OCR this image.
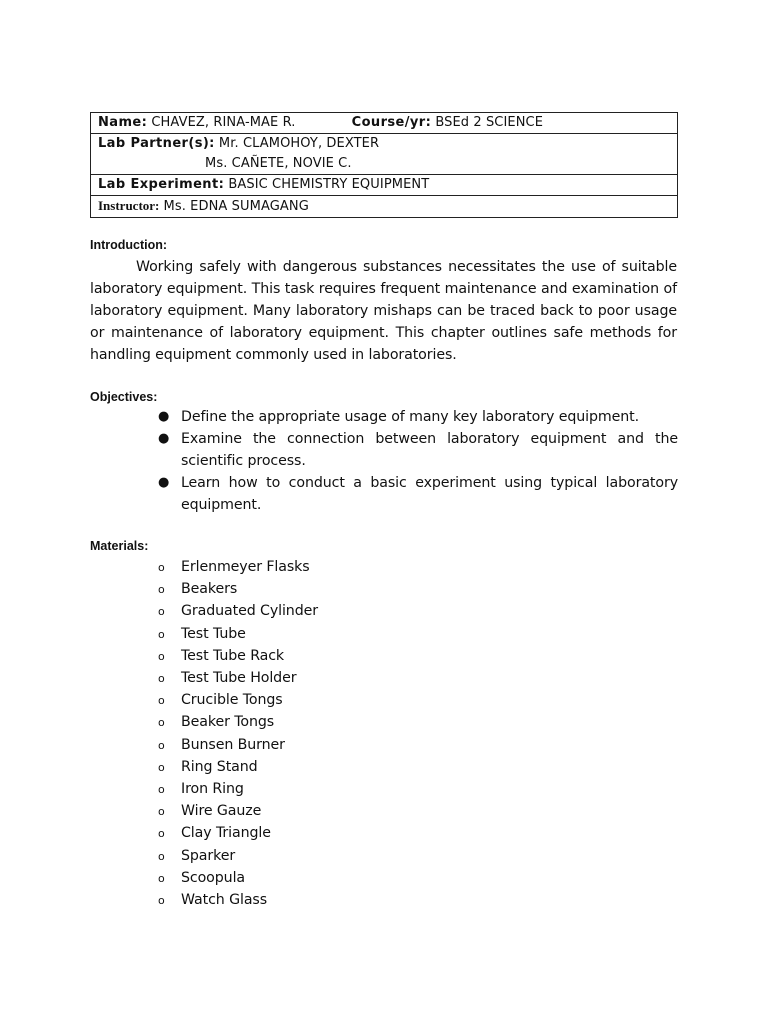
Name: CHAVEZ, RINA-MAE R.	Course/yr: BSEd 2 SCIENCE
Lab Partner(s): Mr. CLAMOHOY, DEXTER
Ms. CAÑETE, NOVIE C.

Lab Experiment: BASIC CHEMISTRY EQUIPMENT
Instructor: Ms. EDNA SUMAGANG
Introduction:

Working safely with dangerous substances necessitates the use of suitable laboratory equipment. This task requires frequent maintenance and examination of laboratory equipment. Many laboratory mishaps can be traced back to poor usage or maintenance of laboratory equipment. This chapter outlines safe methods for handling equipment commonly used in laboratories.

Objectives:
● Define the appropriate usage of many key laboratory equipment.
● Examine the connection between laboratory equipment and the scientific process.
● Learn how to conduct a basic experiment using typical laboratory equipment.
Materials:
o Erlenmeyer Flasks
o Beakers
o Graduated Cylinder
o Test Tube
o Test Tube Rack
o Test Tube Holder
o Crucible Tongs
o Beaker Tongs
o Bunsen Burner
o Ring Stand
o Iron Ring
o Wire Gauze
o Clay Triangle
o Sparker
o Scoopula
o Watch Glass
